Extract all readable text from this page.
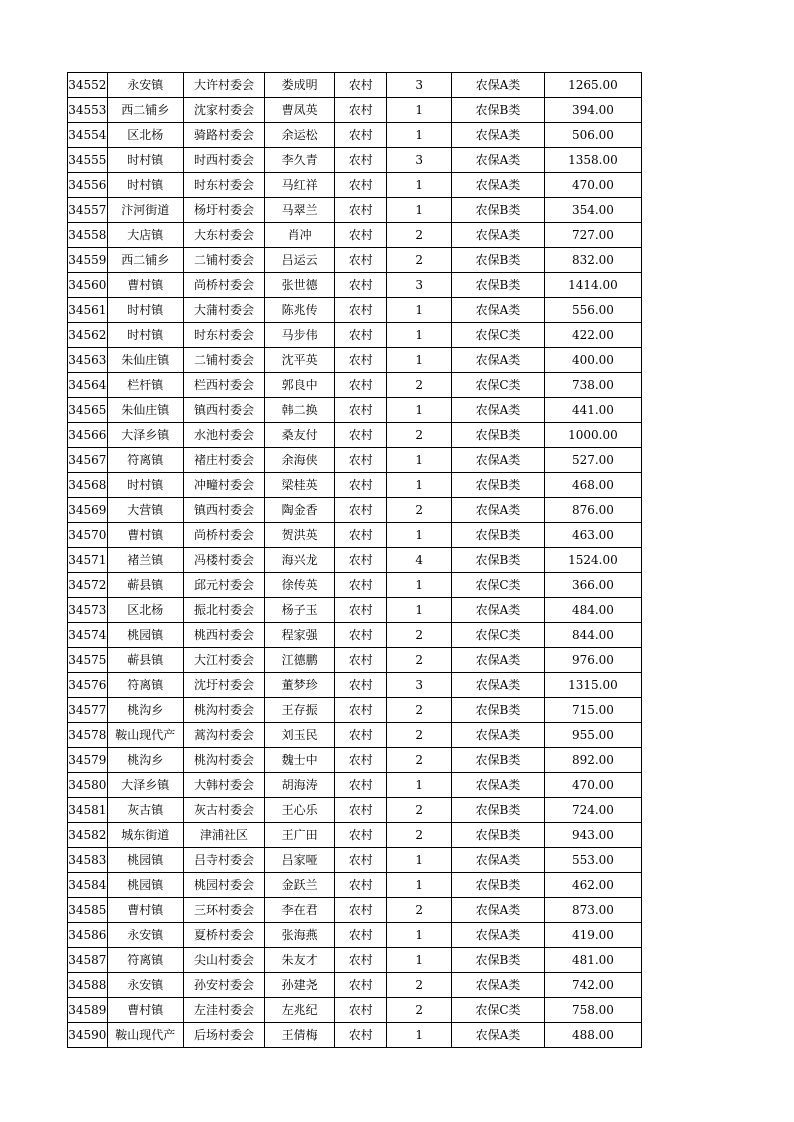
34552	永安镇	大许村委会	娄成明	农村	3	农保A类	1265.00
34553	西二铺乡	沈家村委会	曹凤英	农村	1	农保B类	394.00
34554	区北杨	骑路村委会	余运松	农村	1	农保A类	506.00
34555	时村镇	时西村委会	李久青	农村	3	农保A类	1358.00
34556	时村镇	时东村委会	马红祥	农村	1	农保A类	470.00
34557	汴河街道	杨圩村委会	马翠兰	农村	1	农保B类	354.00
34558	大店镇	大东村委会	肖冲	农村	2	农保A类	727.00
34559	西二铺乡	二铺村委会	吕运云	农村	2	农保B类	832.00
34560	曹村镇	尚桥村委会	张世德	农村	3	农保B类	1414.00
34561	时村镇	大蒲村委会	陈兆传	农村	1	农保A类	556.00
34562	时村镇	时东村委会	马步伟	农村	1	农保C类	422.00
34563	朱仙庄镇	二铺村委会	沈平英	农村	1	农保A类	400.00
34564	栏杆镇	栏西村委会	郭良中	农村	2	农保C类	738.00
34565	朱仙庄镇	镇西村委会	韩二换	农村	1	农保A类	441.00
34566	大泽乡镇	水池村委会	桑友付	农村	2	农保B类	1000.00
34567	符离镇	褚庄村委会	余海侠	农村	1	农保A类	527.00
34568	时村镇	冲疃村委会	梁桂英	农村	1	农保B类	468.00
34569	大营镇	镇西村委会	陶金香	农村	2	农保A类	876.00
34570	曹村镇	尚桥村委会	贺洪英	农村	1	农保B类	463.00
34571	褚兰镇	冯楼村委会	海兴龙	农村	4	农保B类	1524.00
34572	蕲县镇	邱元村委会	徐传英	农村	1	农保C类	366.00
34573	区北杨	振北村委会	杨子玉	农村	1	农保A类	484.00
34574	桃园镇	桃西村委会	程家强	农村	2	农保C类	844.00
34575	蕲县镇	大江村委会	江德鹏	农村	2	农保A类	976.00
34576	符离镇	沈圩村委会	董梦珍	农村	3	农保A类	1315.00
34577	桃沟乡	桃沟村委会	王存振	农村	2	农保B类	715.00
34578	鞍山现代产	蒿沟村委会	刘玉民	农村	2	农保A类	955.00
34579	桃沟乡	桃沟村委会	魏士中	农村	2	农保B类	892.00
34580	大泽乡镇	大韩村委会	胡海涛	农村	1	农保A类	470.00
34581	灰古镇	灰古村委会	王心乐	农村	2	农保B类	724.00
34582	城东街道	津浦社区	王广田	农村	2	农保B类	943.00
34583	桃园镇	吕寺村委会	吕家哑	农村	1	农保A类	553.00
34584	桃园镇	桃园村委会	金跃兰	农村	1	农保B类	462.00
34585	曹村镇	三环村委会	李在君	农村	2	农保A类	873.00
34586	永安镇	夏桥村委会	张海燕	农村	1	农保A类	419.00
34587	符离镇	尖山村委会	朱友才	农村	1	农保B类	481.00
34588	永安镇	孙安村委会	孙建尧	农村	2	农保A类	742.00
34589	曹村镇	左洼村委会	左兆纪	农村	2	农保C类	758.00
34590	鞍山现代产	后场村委会	王倩梅	农村	1	农保A类	488.00
